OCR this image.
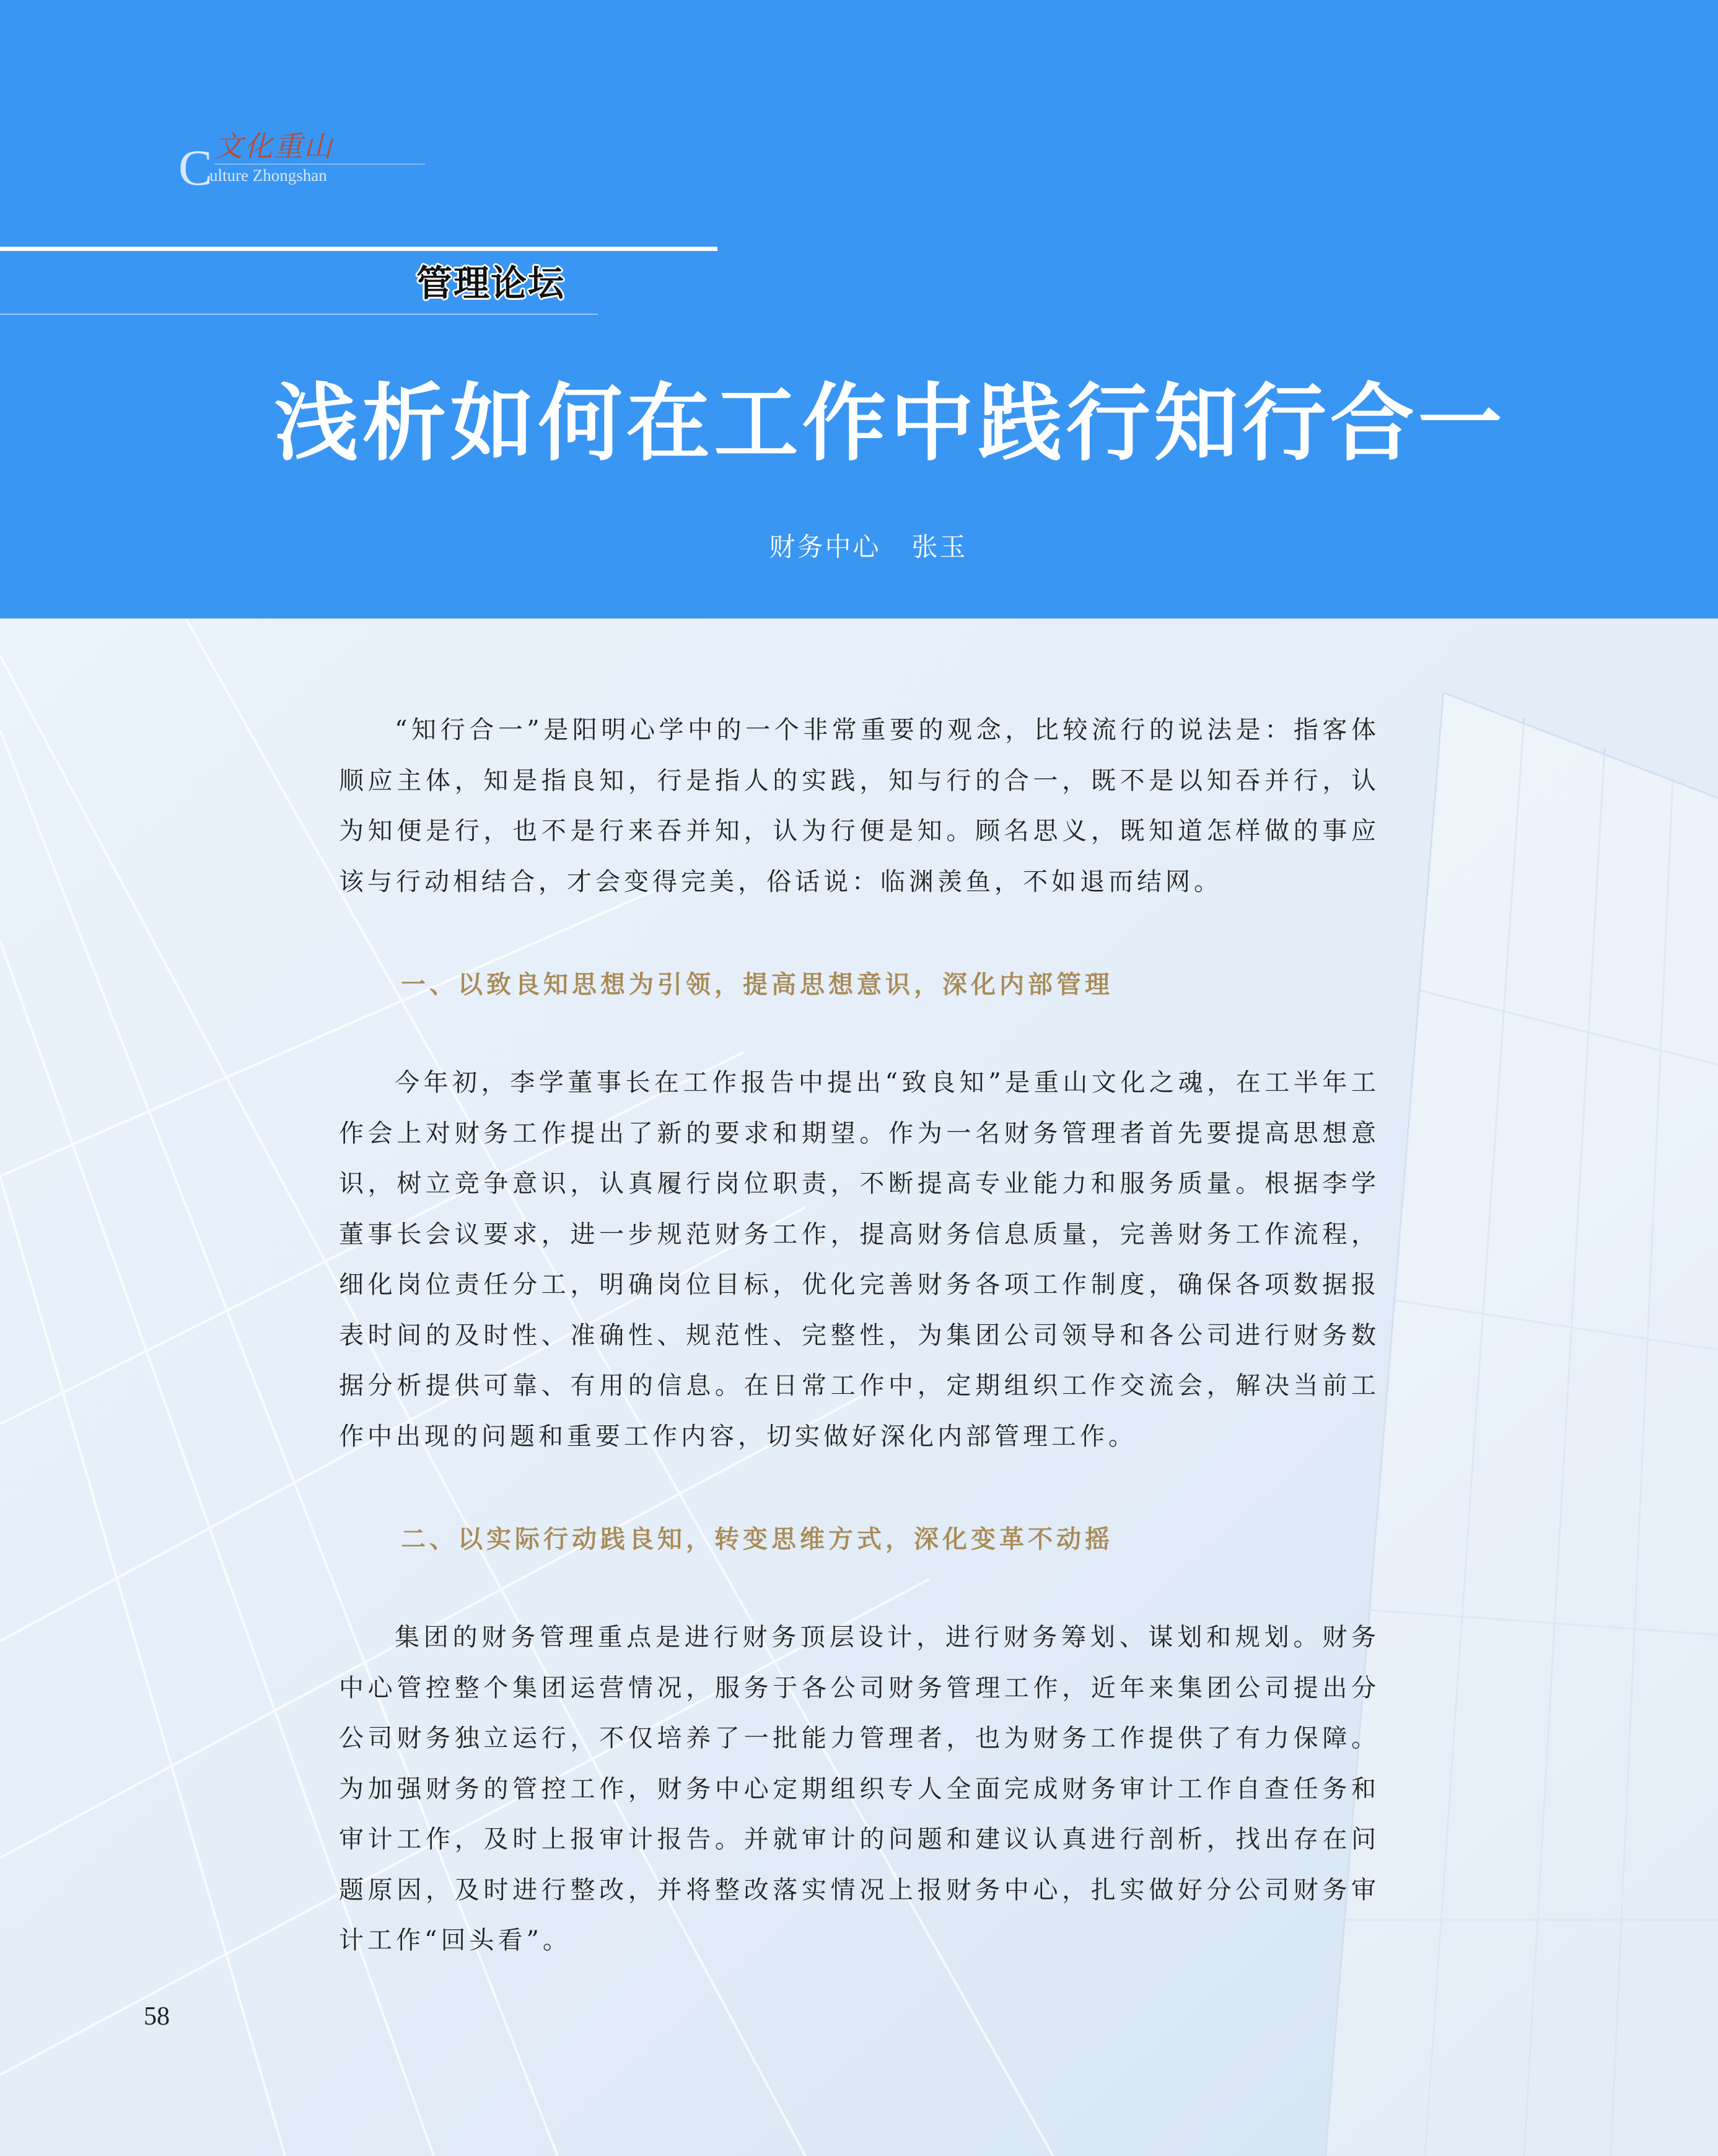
文化重山
C
ulture Zhongshan
管理论坛
浅析如何在工作中践行知行合一
财务中心 张玉

“知行合一”是阳明心学中的一个非常重要的观念，比较流行的说法是：指客体顺应主体，知是指良知，行是指人的实践，知与行的合一，既不是以知吞并行，认为知便是行，也不是行来吞并知，认为行便是知。顾名思义，既知道怎样做的事应该与行动相结合，才会变得完美，俗话说：临渊羡鱼，不如退而结网。

一、以致良知思想为引领，提高思想意识，深化内部管理

今年初，李学董事长在工作报告中提出“致良知”是重山文化之魂，在工半年工作会上对财务工作提出了新的要求和期望。作为一名财务管理者首先要提高思想意识，树立竞争意识，认真履行岗位职责，不断提高专业能力和服务质量。根据李学董事长会议要求，进一步规范财务工作，提高财务信息质量，完善财务工作流程，细化岗位责任分工，明确岗位目标，优化完善财务各项工作制度，确保各项数据报表时间的及时性、准确性、规范性、完整性，为集团公司领导和各公司进行财务数据分析提供可靠、有用的信息。在日常工作中，定期组织工作交流会，解决当前工作中出现的问题和重要工作内容，切实做好深化内部管理工作。

二、以实际行动践良知，转变思维方式，深化变革不动摇

集团的财务管理重点是进行财务顶层设计，进行财务筹划、谋划和规划。财务中心管控整个集团运营情况，服务于各公司财务管理工作，近年来集团公司提出分公司财务独立运行，不仅培养了一批能力管理者，也为财务工作提供了有力保障。为加强财务的管控工作，财务中心定期组织专人全面完成财务审计工作自查任务和审计工作，及时上报审计报告。并就审计的问题和建议认真进行剖析，找出存在问题原因，及时进行整改，并将整改落实情况上报财务中心，扎实做好分公司财务审计工作“回头看”。

58
